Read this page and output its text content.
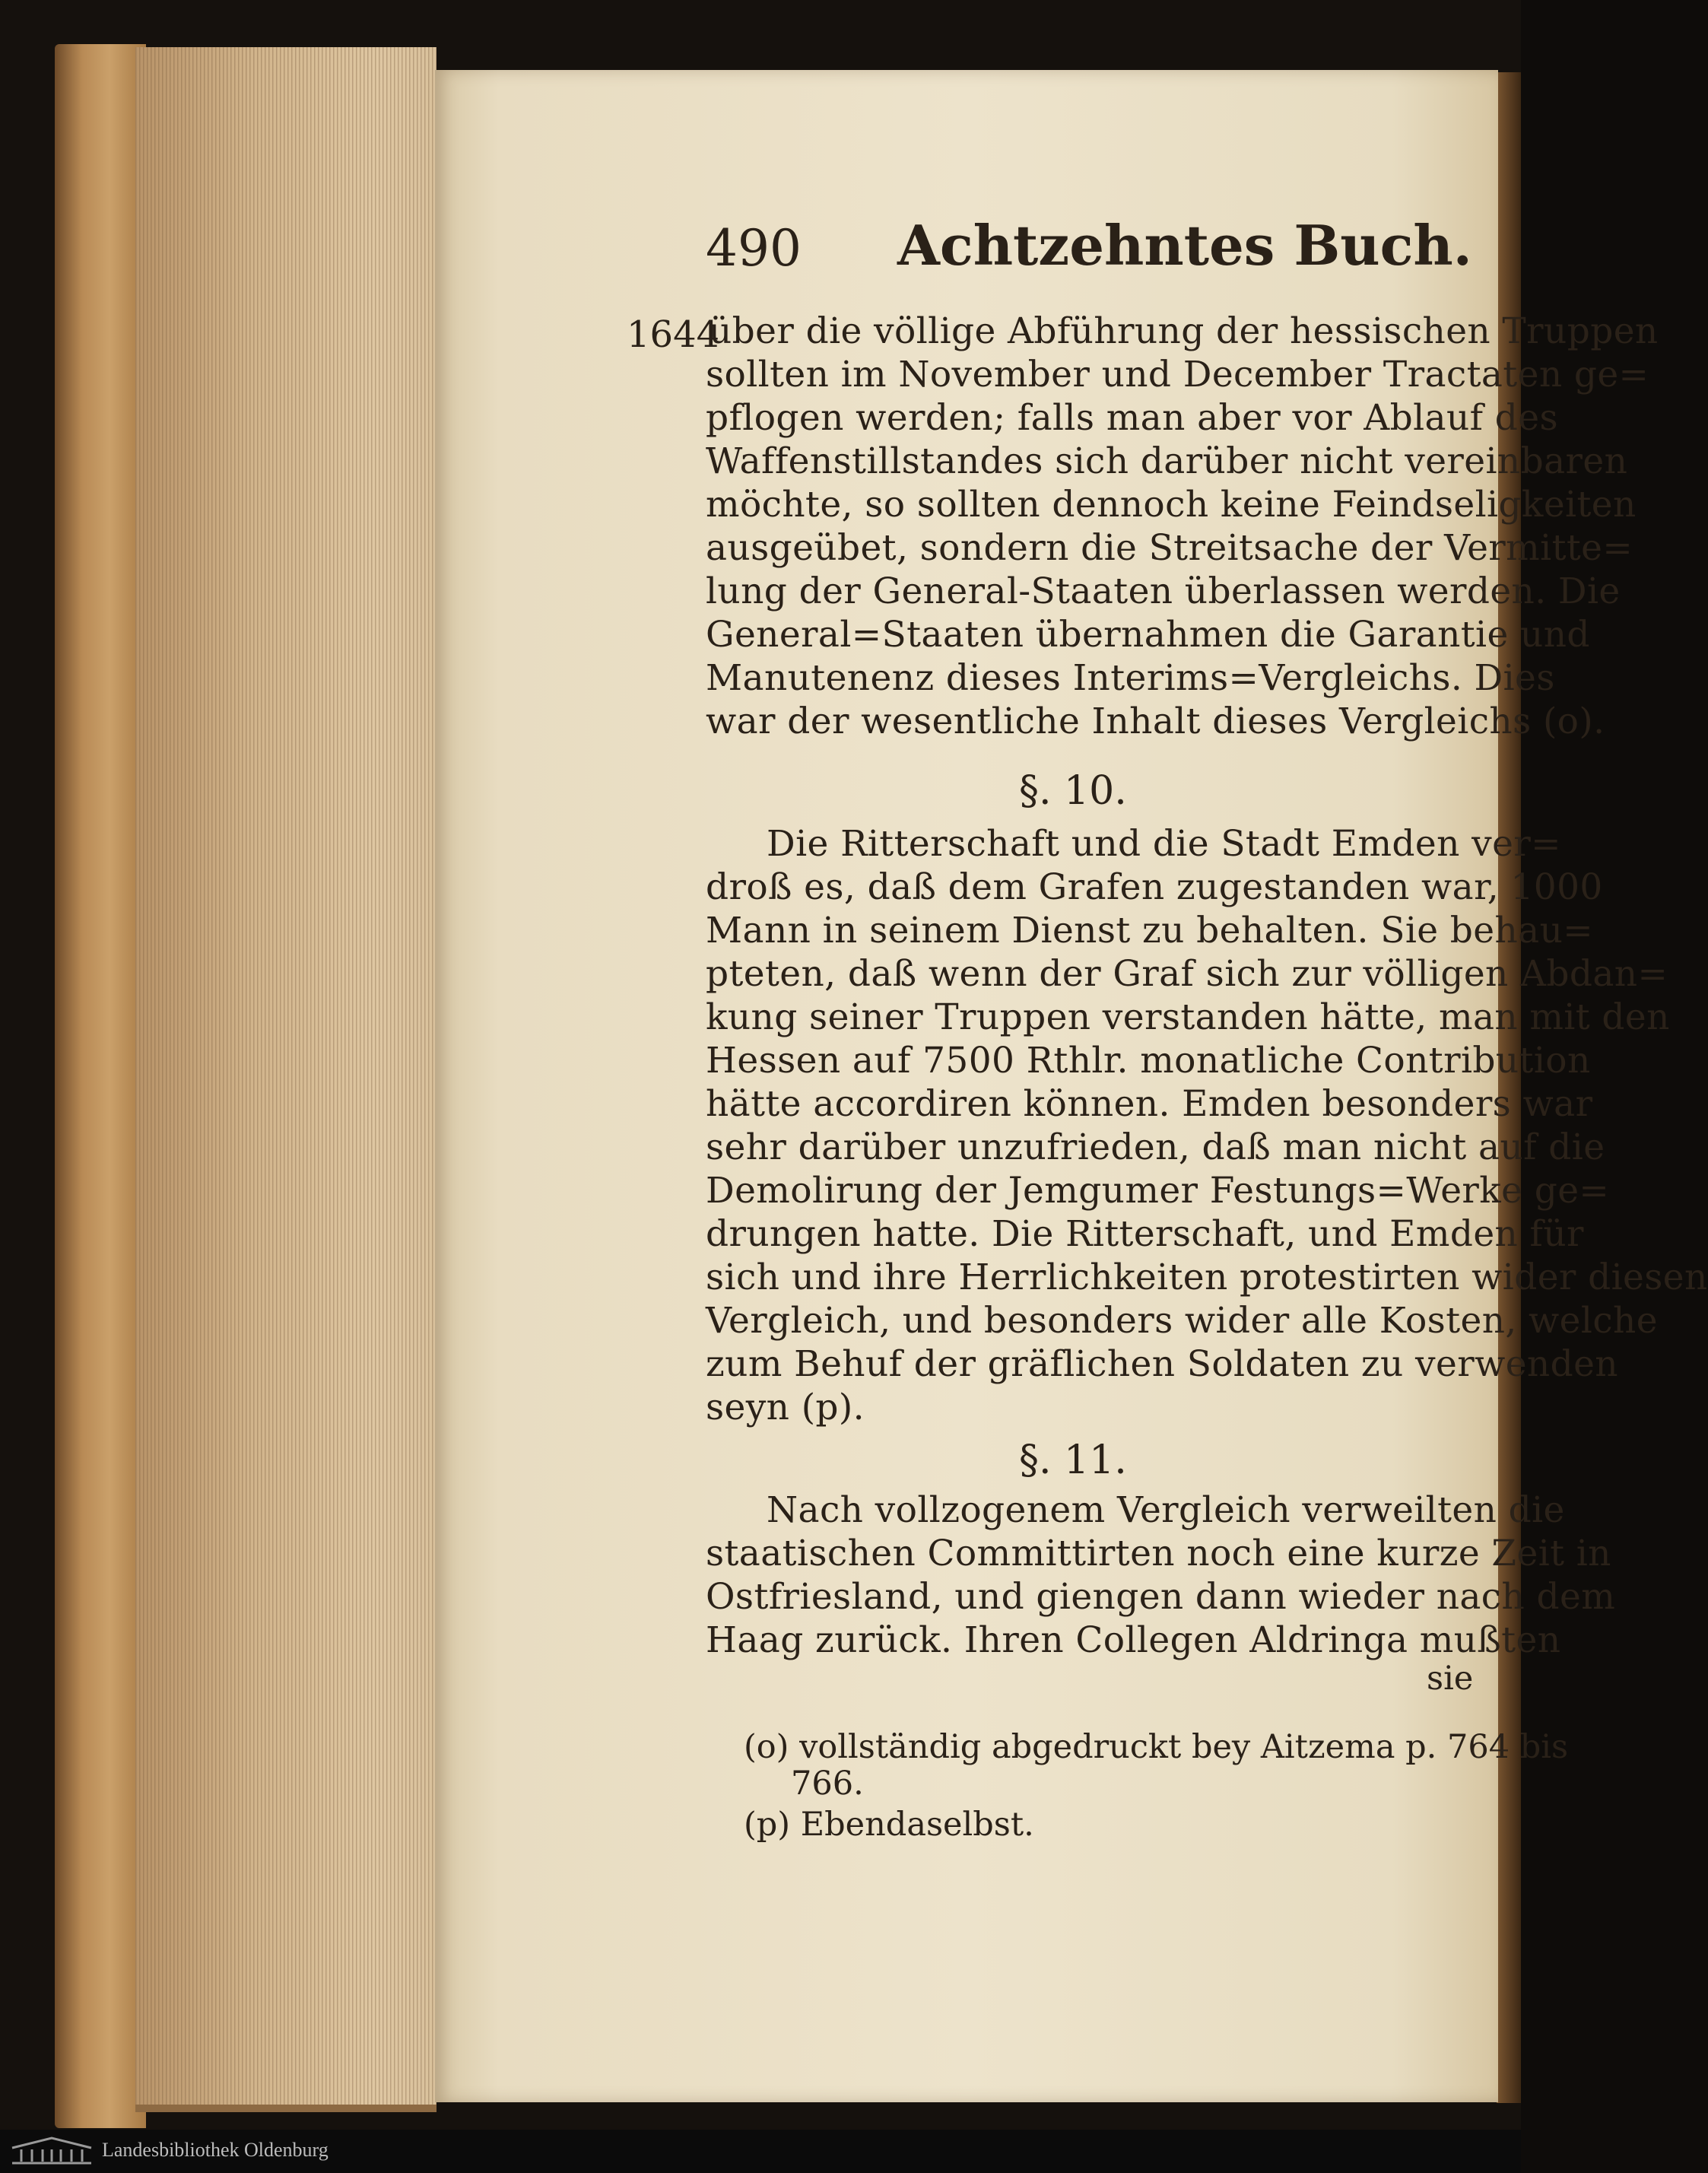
490 Achtzehntes Buch.

1644

über die völlige Abführung der hessischen Truppen

sollten im November und December Tractaten ge=

pflogen werden; falls man aber vor Ablauf des

Waffenstillstandes sich darüber nicht vereinbaren

möchte, so sollten dennoch keine Feindseligkeiten

ausgeübet, sondern die Streitsache der Vermitte=

lung der General-Staaten überlassen werden. Die

General=Staaten übernahmen die Garantie und

Manutenenz dieses Interims=Vergleichs. Dies

war der wesentliche Inhalt dieses Vergleichs (o).

§. 10.

Die Ritterschaft und die Stadt Emden ver=

droß es, daß dem Grafen zugestanden war, 1000

Mann in seinem Dienst zu behalten. Sie behau=

pteten, daß wenn der Graf sich zur völligen Abdan=

kung seiner Truppen verstanden hätte, man mit den

Hessen auf 7500 Rthlr. monatliche Contribution

hätte accordiren können. Emden besonders war

sehr darüber unzufrieden, daß man nicht auf die

Demolirung der Jemgumer Festungs=Werke ge=

drungen hatte. Die Ritterschaft, und Emden für

sich und ihre Herrlichkeiten protestirten wider diesen

Vergleich, und besonders wider alle Kosten, welche

zum Behuf der gräflichen Soldaten zu verwenden

seyn (p).

§. 11.

Nach vollzogenem Vergleich verweilten die

staatischen Committirten noch eine kurze Zeit in

Ostfriesland, und giengen dann wieder nach dem

Haag zurück. Ihren Collegen Aldringa mußten

sie

(o) vollständig abgedruckt bey Aitzema p. 764 bis

766.

(p) Ebendaselbst.

Landesbibliothek Oldenburg
